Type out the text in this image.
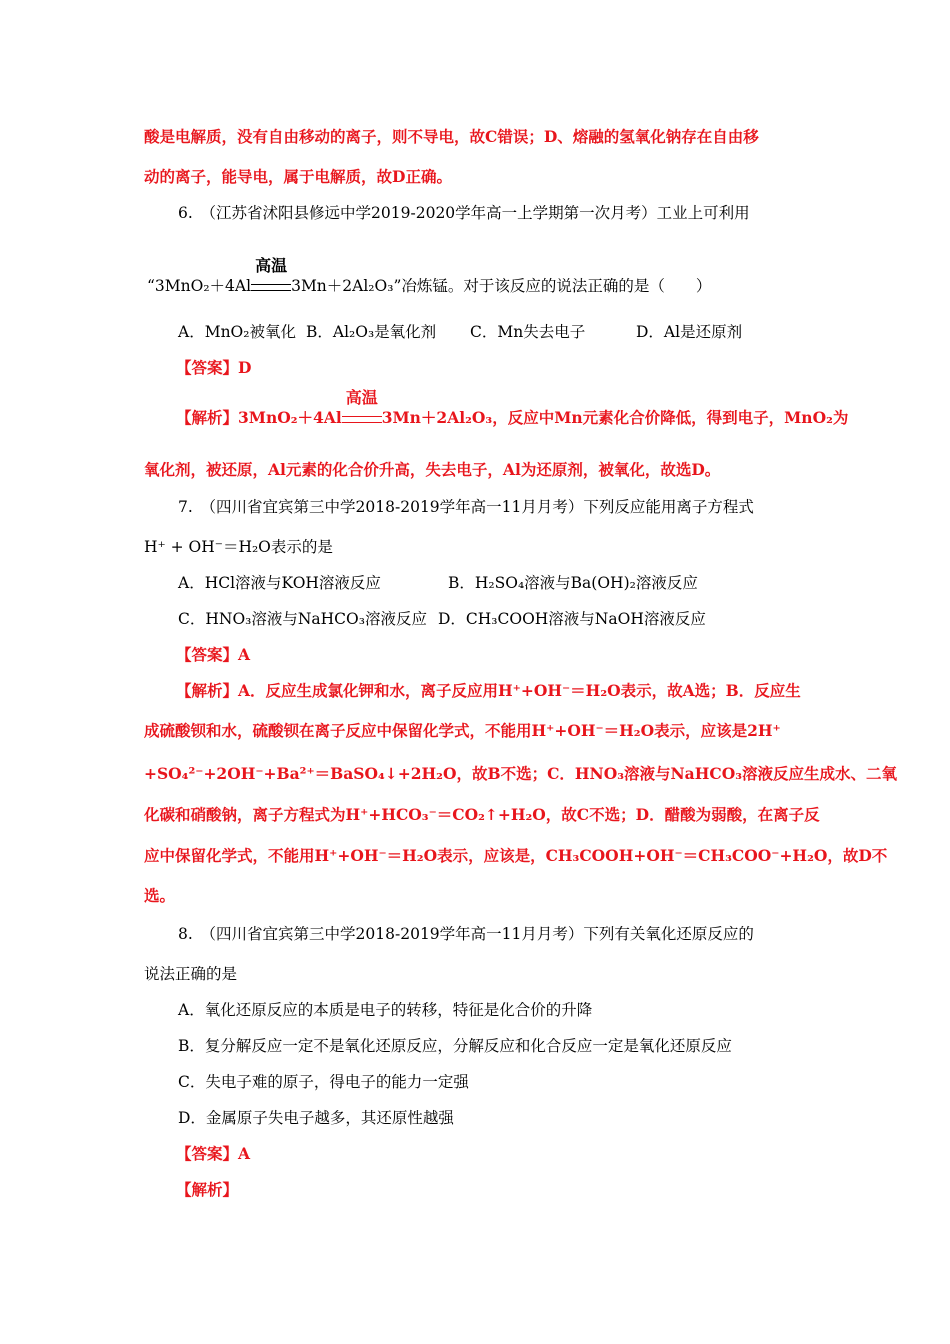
酸是电解质，没有自由移动的离子，则不导电，故C错误；D、熔融的氢氧化钠存在自由移
动的离子，能导电，属于电解质，故D正确。
6.　（江苏省沭阳县修远中学2019-2020学年高一上学期第一次月考）工业上可利用
“3MnO₂＋4Al
高温
3Mn＋2Al₂O₃”冶炼锰。对于该反应的说法正确的是（　　）
A．MnO₂被氧化 B．Al₂O₃是氧化剂 C．Mn失去电子	D．Al是还原剂
【答案】D
【解析】3MnO₂＋4Al
高温
3Mn＋2Al₂O₃，反应中Mn元素化合价降低，得到电子，MnO₂为
氧化剂，被还原，Al元素的化合价升高，失去电子，Al为还原剂，被氧化，故选D。
7.　（四川省宜宾第三中学2018-2019学年高一11月月考）下列反应能用离子方程式
H⁺ + OH⁻＝H₂O表示的是
A．HCl溶液与KOH溶液反应	B．H₂SO₄溶液与Ba(OH)₂溶液反应
C．HNO₃溶液与NaHCO₃溶液反应 D．CH₃COOH溶液与NaOH溶液反应
【答案】A
【解析】A．反应生成氯化钾和水，离子反应用H⁺+OH⁻＝H₂O表示，故A选；B．反应生
成硫酸钡和水，硫酸钡在离子反应中保留化学式，不能用H⁺+OH⁻＝H₂O表示，应该是2H⁺
+SO₄²⁻+2OH⁻+Ba²⁺＝BaSO₄↓+2H₂O，故B不选；C．HNO₃溶液与NaHCO₃溶液反应生成水、二氧
化碳和硝酸钠，离子方程式为H⁺+HCO₃⁻＝CO₂↑+H₂O，故C不选；D．醋酸为弱酸，在离子反
应中保留化学式，不能用H⁺+OH⁻＝H₂O表示，应该是，CH₃COOH+OH⁻＝CH₃COO⁻+H₂O，故D不
选。
8.　（四川省宜宾第三中学2018-2019学年高一11月月考）下列有关氧化还原反应的
说法正确的是
A．氧化还原反应的本质是电子的转移，特征是化合价的升降
B．复分解反应一定不是氧化还原反应，分解反应和化合反应一定是氧化还原反应
C．失电子难的原子，得电子的能力一定强
D．金属原子失电子越多，其还原性越强
【答案】A
【解析】
